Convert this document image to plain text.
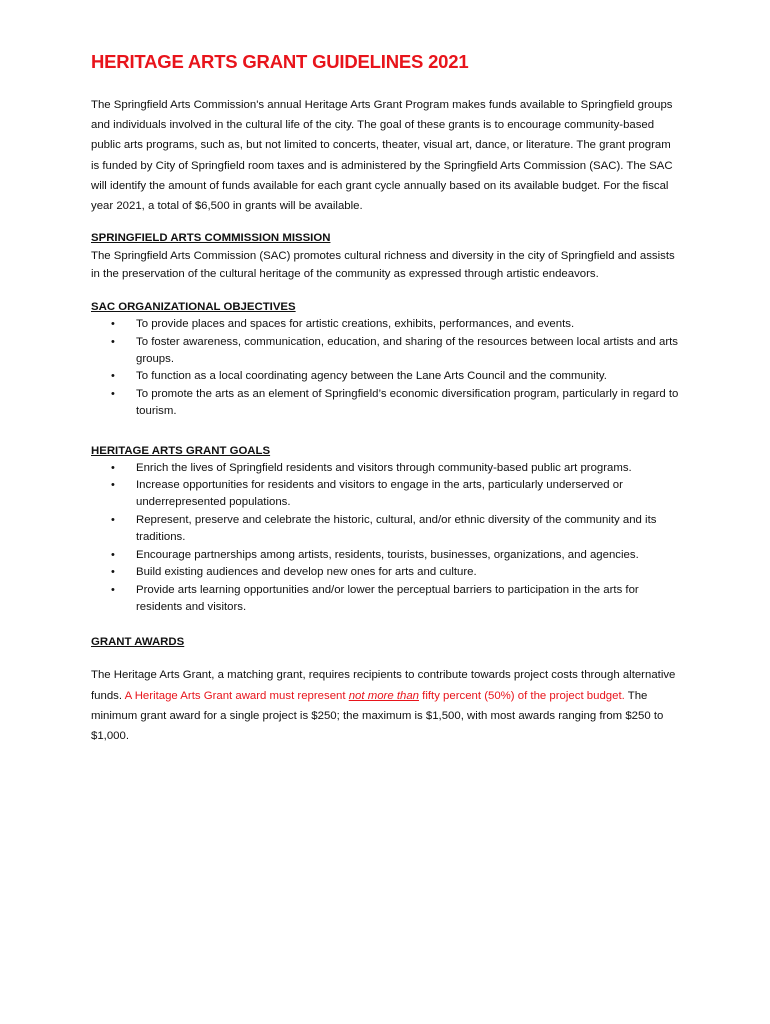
HERITAGE ARTS GRANT GUIDELINES 2021

The Springfield Arts Commission's annual Heritage Arts Grant Program makes funds available to Springfield groups and individuals involved in the cultural life of the city. The goal of these grants is to encourage community-based public arts programs, such as, but not limited to concerts, theater, visual art, dance, or literature. The grant program is funded by City of Springfield room taxes and is administered by the Springfield Arts Commission (SAC). The SAC will identify the amount of funds available for each grant cycle annually based on its available budget. For the fiscal year 2021, a total of $6,500 in grants will be available.

SPRINGFIELD ARTS COMMISSION MISSION

The Springfield Arts Commission (SAC) promotes cultural richness and diversity in the city of Springfield and assists in the preservation of the cultural heritage of the community as expressed through artistic endeavors.

SAC ORGANIZATIONAL OBJECTIVES

• To provide places and spaces for artistic creations, exhibits, performances, and events.
• To foster awareness, communication, education, and sharing of the resources between local artists and arts groups.
• To function as a local coordinating agency between the Lane Arts Council and the community.
• To promote the arts as an element of Springfield’s economic diversification program, particularly in regard to tourism.

HERITAGE ARTS GRANT GOALS

• Enrich the lives of Springfield residents and visitors through community-based public art programs.
• Increase opportunities for residents and visitors to engage in the arts, particularly underserved or underrepresented populations.
• Represent, preserve and celebrate the historic, cultural, and/or ethnic diversity of the community and its traditions.
• Encourage partnerships among artists, residents, tourists, businesses, organizations, and agencies.
• Build existing audiences and develop new ones for arts and culture.
• Provide arts learning opportunities and/or lower the perceptual barriers to participation in the arts for residents and visitors.

GRANT AWARDS

The Heritage Arts Grant, a matching grant, requires recipients to contribute towards project costs through alternative funds. A Heritage Arts Grant award must represent not more than fifty percent (50%) of the project budget. The minimum grant award for a single project is $250; the maximum is $1,500, with most awards ranging from $250 to $1,000.
